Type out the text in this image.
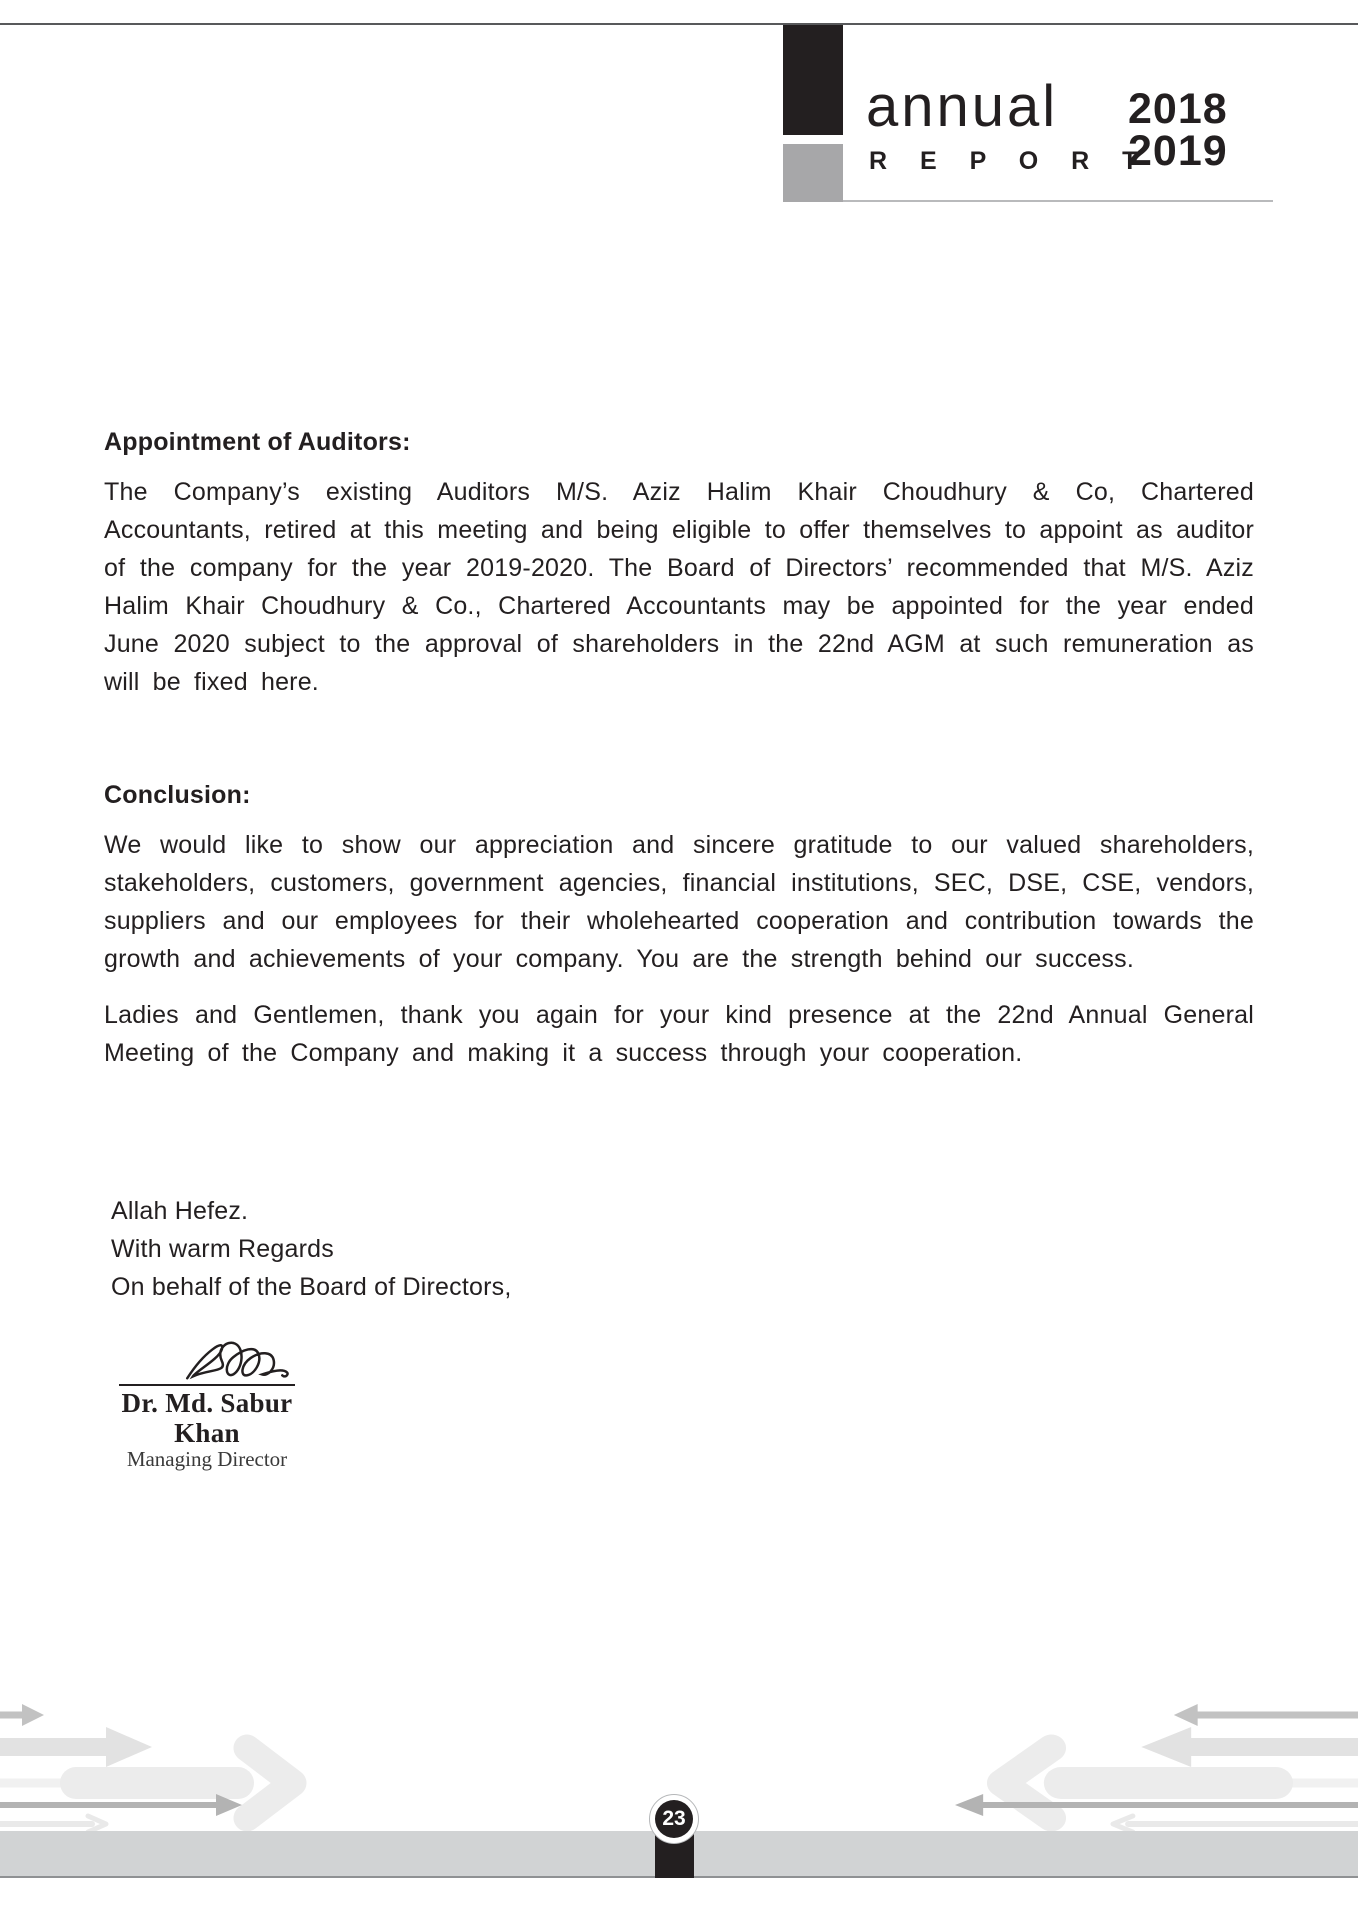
annual
R E P O R T
2018
2019
Appointment of Auditors:

The Company’s existing Auditors M/S. Aziz Halim Khair Choudhury & Co, Chartered Accountants, retired at this meeting and being eligible to offer themselves to appoint as auditor of the company for the year 2019-2020. The Board of Directors’ recommended that M/S. Aziz Halim Khair Choudhury & Co., Chartered Accountants may be appointed for the year ended June 2020 subject to the approval of shareholders in the 22nd AGM at such remuneration as will be fixed here.

Conclusion:

We would like to show our appreciation and sincere gratitude to our valued shareholders, stakeholders, customers, government agencies, financial institutions, SEC, DSE, CSE, vendors, suppliers and our employees for their wholehearted cooperation and contribution towards the growth and achievements of your company. You are the strength behind our success.

Ladies and Gentlemen, thank you again for your kind presence at the 22nd Annual General Meeting of the Company and making it a success through your cooperation.

Allah Hefez.
With warm Regards
On behalf of the Board of Directors,
Dr. Md. Sabur Khan
Managing Director
23
